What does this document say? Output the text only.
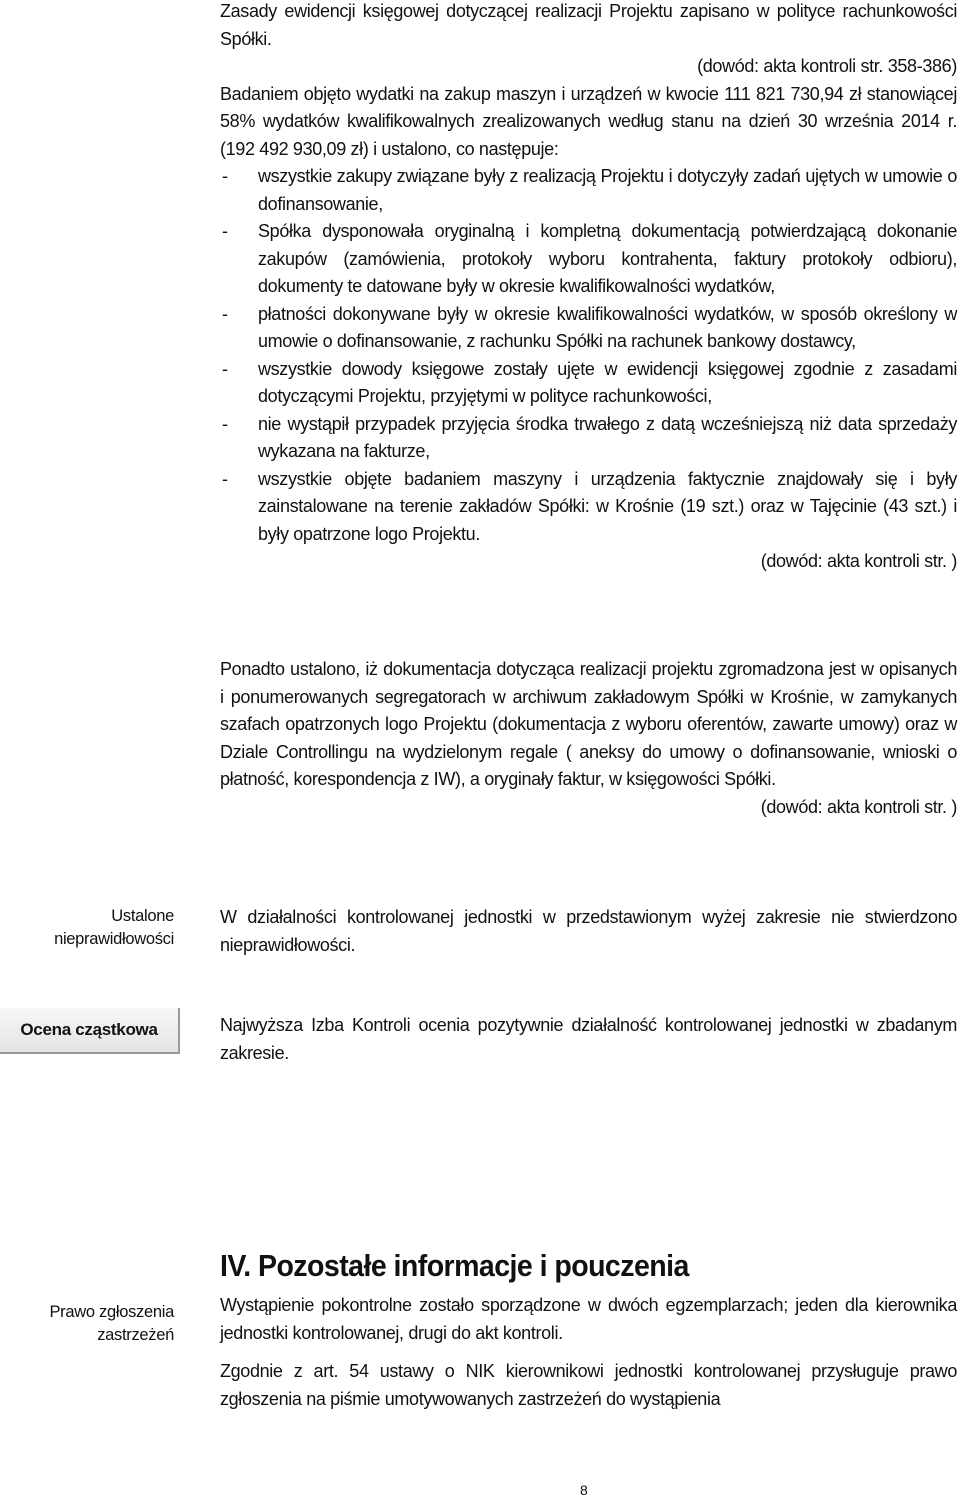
Zasady ewidencji księgowej dotyczącej realizacji Projektu zapisano w polityce rachunkowości Spółki.

(dowód: akta kontroli str. 358-386)

Badaniem objęto wydatki na zakup maszyn i urządzeń w kwocie 111 821 730,94 zł stanowiącej 58% wydatków kwalifikowalnych zrealizowanych według stanu na dzień 30 września 2014 r. (192 492 930,09 zł) i ustalono, co następuje:

- wszystkie zakupy związane były z realizacją Projektu i dotyczyły zadań ujętych w umowie o dofinansowanie,
- Spółka dysponowała oryginalną i kompletną dokumentacją potwierdzającą dokonanie zakupów (zamówienia, protokoły wyboru kontrahenta, faktury protokoły odbioru), dokumenty te datowane były w okresie kwalifikowalności wydatków,
- płatności dokonywane były w okresie kwalifikowalności wydatków, w sposób określony w umowie o dofinansowanie, z rachunku Spółki na rachunek bankowy dostawcy,
- wszystkie dowody księgowe zostały ujęte w ewidencji księgowej zgodnie z zasadami dotyczącymi Projektu, przyjętymi w polityce rachunkowości,
- nie wystąpił przypadek przyjęcia środka trwałego z datą wcześniejszą niż data sprzedaży wykazana na fakturze,
- wszystkie objęte badaniem maszyny i urządzenia faktycznie znajdowały się i były zainstalowane na terenie zakładów Spółki: w Krośnie (19 szt.) oraz w Tajęcinie (43 szt.) i były opatrzone logo Projektu.

(dowód: akta kontroli str. )

Ponadto ustalono, iż dokumentacja dotycząca realizacji projektu zgromadzona jest w opisanych i ponumerowanych segregatorach w archiwum zakładowym Spółki w Krośnie, w zamykanych szafach opatrzonych logo Projektu (dokumentacja z wyboru oferentów, zawarte umowy) oraz w Dziale Controllingu na wydzielonym regale ( aneksy do umowy o dofinansowanie, wnioski o płatność, korespondencja z IW), a oryginały faktur, w księgowości Spółki.

(dowód: akta kontroli str. )

Ustalone
nieprawidłowości

W działalności kontrolowanej jednostki w przedstawionym wyżej zakresie nie stwierdzono nieprawidłowości.

Ocena cząstkowa	Najwyższa Izba Kontroli ocenia pozytywnie działalność kontrolowanej jednostki w zbadanym zakresie.

IV. Pozostałe informacje i pouczenia

Wystąpienie pokontrolne zostało sporządzone w dwóch egzemplarzach; jeden dla kierownika jednostki kontrolowanej, drugi do akt kontroli.

Zgodnie z art. 54 ustawy o NIK kierownikowi jednostki kontrolowanej przysługuje prawo zgłoszenia na piśmie umotywowanych zastrzeżeń do wystąpienia

Prawo zgłoszenia
zastrzeżeń
8
